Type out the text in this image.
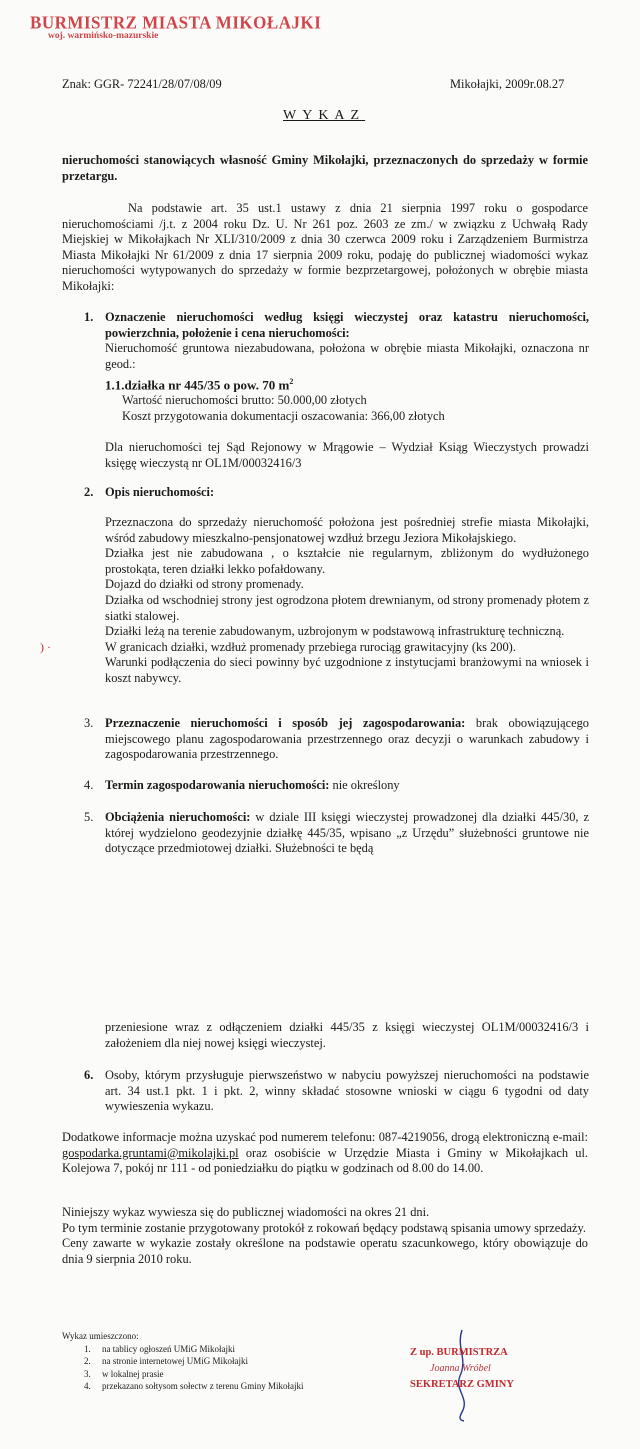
BURMISTRZ MIASTA MIKOŁAJKI
woj. warmińsko-mazurskie
Znak: GGR- 72241/28/07/08/09	Mikołajki, 2009r.08.27
WYKAZ
nieruchomości stanowiących własność Gminy Mikołajki, przeznaczonych do sprzedaży w formie przetargu.
Na podstawie art. 35 ust.1 ustawy z dnia 21 sierpnia 1997 roku o gospodarce nieruchomościami /j.t. z 2004 roku Dz. U. Nr 261 poz. 2603 ze zm./ w związku z Uchwałą Rady Miejskiej w Mikołajkach Nr XLI/310/2009 z dnia 30 czerwca 2009 roku i Zarządzeniem Burmistrza Miasta Mikołajki Nr 61/2009 z dnia 17 sierpnia 2009 roku, podaję do publicznej wiadomości wykaz nieruchomości wytypowanych do sprzedaży w formie bezprzetargowej, położonych w obrębie miasta Mikołajki:
1. Oznaczenie nieruchomości według księgi wieczystej oraz katastru nieruchomości, powierzchnia, położenie i cena nieruchomości:
Nieruchomość gruntowa niezabudowana, położona w obrębie miasta Mikołajki, oznaczona nr geod.:
1.1.działka nr 445/35 o pow. 70 $m^2$
Wartość nieruchomości brutto: 50.000,00 złotych
Koszt przygotowania dokumentacji oszacowania: 366,00 złotych
Dla nieruchomości tej Sąd Rejonowy w Mrągowie – Wydział Ksiąg Wieczystych prowadzi księgę wieczystą nr OL1M/00032416/3
2. Opis nieruchomości:
Przeznaczona do sprzedaży nieruchomość położona jest pośredniej strefie miasta Mikołajki, wśród zabudowy mieszkalno-pensjonatowej wzdłuż brzegu Jeziora Mikołajskiego.
Działka jest nie zabudowana , o kształcie nie regularnym, zbliżonym do wydłużonego prostokąta, teren działki lekko pofałdowany.
Dojazd do działki od strony promenady.
Działka od wschodniej strony jest ogrodzona płotem drewnianym, od strony promenady płotem z siatki stalowej.
Działki leżą na terenie zabudowanym, uzbrojonym w podstawową infrastrukturę techniczną.
W granicach działki, wzdłuż promenady przebiega rurociąg grawitacyjny (ks 200).
Warunki podłączenia do sieci powinny być uzgodnione z instytucjami branżowymi na wniosek i koszt nabywcy.
3. Przeznaczenie nieruchomości i sposób jej zagospodarowania: brak obowiązującego miejscowego planu zagospodarowania przestrzennego oraz decyzji o warunkach zabudowy i zagospodarowania przestrzennego.
4. Termin zagospodarowania nieruchomości: nie określony
5. Obciążenia nieruchomości: w dziale III księgi wieczystej prowadzonej dla działki 445/30, z której wydzielono geodezyjnie działkę 445/35, wpisano „z Urzędu” służebności gruntowe nie dotyczące przedmiotowej działki. Służebności te będą
przeniesione wraz z odłączeniem działki 445/35 z księgi wieczystej OL1M/00032416/3 i założeniem dla niej nowej księgi wieczystej.
6. Osoby, którym przysługuje pierwszeństwo w nabyciu powyższej nieruchomości na podstawie art. 34 ust.1 pkt. 1 i pkt. 2, winny składać stosowne wnioski w ciągu 6 tygodni od daty wywieszenia wykazu.
Dodatkowe informacje można uzyskać pod numerem telefonu: 087-4219056, drogą elektroniczną e-mail: gospodarka.gruntami@mikolajki.pl oraz osobiście w Urzędzie Miasta i Gminy w Mikołajkach ul. Kolejowa 7, pokój nr 111 - od poniedziałku do piątku w godzinach od 8.00 do 14.00.
Niniejszy wykaz wywiesza się do publicznej wiadomości na okres 21 dni.
Po tym terminie zostanie przygotowany protokół z rokowań będący podstawą spisania umowy sprzedaży.
Ceny zawarte w wykazie zostały określone na podstawie operatu szacunkowego, który obowiązuje do dnia 9 sierpnia 2010 roku.
Wykaz umieszczono:
1. na tablicy ogłoszeń UMiG Mikołajki
2. na stronie internetowej UMiG Mikołajki
3. w lokalnej prasie
4. przekazano sołtysom sołectw z terenu Gminy Mikołajki
Z up. BURMISTRZA
Joanna Wróbel
SEKRETARZ GMINY
) ·
